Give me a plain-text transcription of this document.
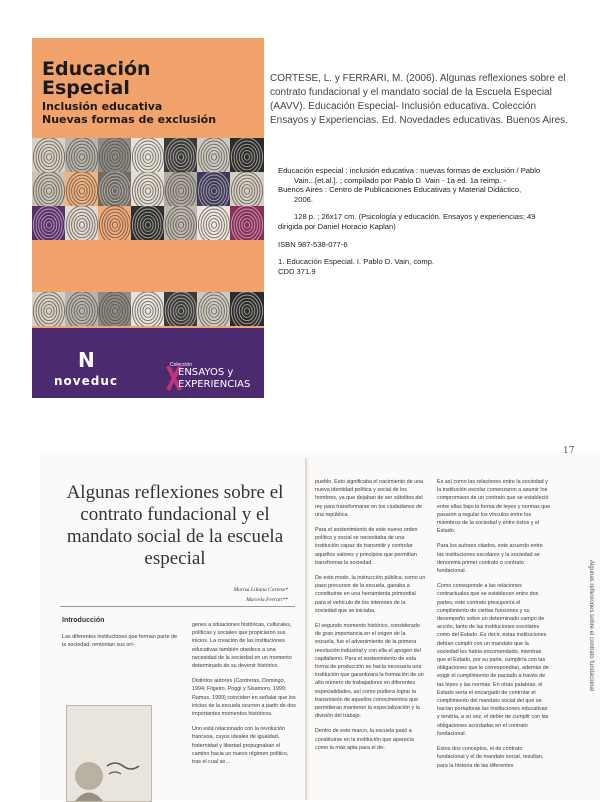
Educación
Especial
Inclusión educativa
Nuevas formas de exclusión
N
noveduc
Colección
ENSAYOS y
EXPERIENCIAS

CORTESE, L. y FERRARI, M. (2006). Algunas reflexiones sobre el contrato fundacional y el mandato social de la Escuela Especial (AAVV). Educación Especial- Inclusión educativa. Colección Ensayos y Experiencias. Ed. Novedades educativas. Buenos Aires.

Educación especial : inclusión educativa : nuevas formas de exclusión / Pablo

Vain...[et.al.]. ; compilado por Pablo D. Vain - 1a ed. 1a reimp. -

Buenos Aires : Centro de Publicaciones Educativas y Material Didáctico,

2006.

128 p. ; 26x17 cm. (Psicología y educación. Ensayos y experiencias; 49

dirigida por Daniel Horacio Kaplan)

ISBN 987-538-077-6

1. Educación Especial. I. Pablo D. Vain, comp.

CDD 371.9

17
Algunas reflexiones sobre el contrato fundacional y el mandato social de la escuela especial
Marisa Liliana Cortese*
Marcela Ferrari**
Introducción

Las diferentes instituciones que forman parte de la sociedad, remontan sus orí-

genes a situaciones históricas, culturales, políticas y sociales que propiciaron sus inicios. La creación de las instituciones educativas también obedece a una necesidad de la sociedad en un momento determinado de su devenir histórico.

Distintos autores (Contreras, Domingo, 1994; Filgeiro, Poggi y Sisamoro, 1999; Ramus, 1999) coinciden en señalar que los inicios de la escuela ocurren a partir de dos importantes momentos históricos.

Uno está relacionado con la revolución francesa, cuyos ideales de igualdad, fraternidad y libertad propugnaban el camino hacia un nuevo régimen político, tras el cual se…

pueblo. Esto significaba el nacimiento de una nueva identidad política y social de los hombres, ya que dejaban de ser súbditos del rey para transformarse en los ciudadanos de una república.

Para el sostenimiento de este nuevo orden político y social se necesitaba de una institución capaz de transmitir y controlar aquellos valores y principios que permitían transformar la sociedad.

De este modo, la instrucción pública, como un paso precursor de la escuela, ganaba a constituirse en una herramienta primordial para el vehículo de los intereses de la sociedad que se iniciaba.

El segundo momento histórico, considerado de gran importancia en el origen de la escuela, fue el advenimiento de la primera revolución industrial y con ella el apogeo del capitalismo. Para el sostenimiento de esta forma de producción se hacía necesaria una institución que garantizara la formación de un alto número de trabajadores en diferentes especialidades, así como pudiera lograr la transmisión de aquellos conocimientos que permitieran mantener la especialización y la división del trabajo.

Dentro de este marco, la escuela pasó a constituirse en la institución que aparecía como la más apta para el de-

Es así como las relaciones entre la sociedad y la institución escolar comenzaron a asumir los compromisos de un contrato que se estableció entre ellas bajo la forma de leyes y normas que pasaron a regular los vínculos entre los miembros de la sociedad y entre éstos y el Estado.

Para los autores citados, este acuerdo entre las instituciones escolares y la sociedad se denomina primer contrato o contrato fundacional.

Como corresponde a las relaciones contractuales que se establecen entre dos partes, este contrato presuponía el cumplimiento de ciertas funciones y su desempeño sobre un determinado campo de acción, tanto de las instituciones escolares como del Estado. Es decir, estas instituciones debían cumplir con un mandato que la sociedad les había encomendado, mientras que el Estado, por su parte, cumpliría con las obligaciones que le correspondían, además de exigir el cumplimiento de pactado a través de las leyes y las normas. En otras palabras, el Estado sería el encargado de controlar el cumplimiento del mandato social del que se hacían portadoras las instituciones educativas y tendría, a su vez, el deber de cumplir con las obligaciones acordadas en el contrato fundacional.

Estos dos conceptos, el de contrato fundacional y el de mandato social, resultan, para la historia de las diferentes

Algunas reflexiones sobre el contrato fundacional
